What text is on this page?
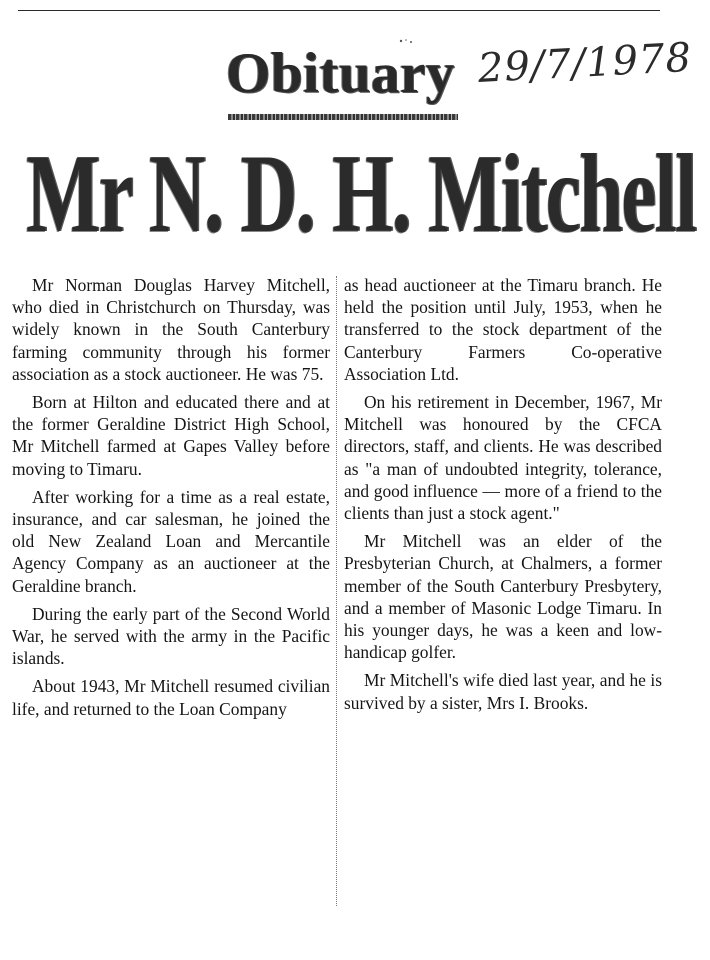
Obituary 29/7/1978
Mr N. D. H. Mitchell

Mr Norman Douglas Harvey Mitchell, who died in Christchurch on Thursday, was widely known in the South Canterbury farming community through his former association as a stock auctioneer. He was 75.

Born at Hilton and educated there and at the former Geraldine District High School, Mr Mitchell farmed at Gapes Valley before moving to Timaru.

After working for a time as a real estate, insurance, and car salesman, he joined the old New Zealand Loan and Mercantile Agency Company as an auctioneer at the Geraldine branch.

During the early part of the Second World War, he served with the army in the Pacific islands.

About 1943, Mr Mitchell resumed civilian life, and returned to the Loan Company

as head auctioneer at the Timaru branch. He held the position until July, 1953, when he transferred to the stock department of the Canterbury Farmers Co-operative Association Ltd.

On his retirement in December, 1967, Mr Mitchell was honoured by the CFCA directors, staff, and clients. He was described as "a man of undoubted integrity, tolerance, and good influence — more of a friend to the clients than just a stock agent."

Mr Mitchell was an elder of the Presbyterian Church, at Chalmers, a former member of the South Canterbury Presbytery, and a member of Masonic Lodge Timaru. In his younger days, he was a keen and low-handicap golfer.

Mr Mitchell's wife died last year, and he is survived by a sister, Mrs I. Brooks.
